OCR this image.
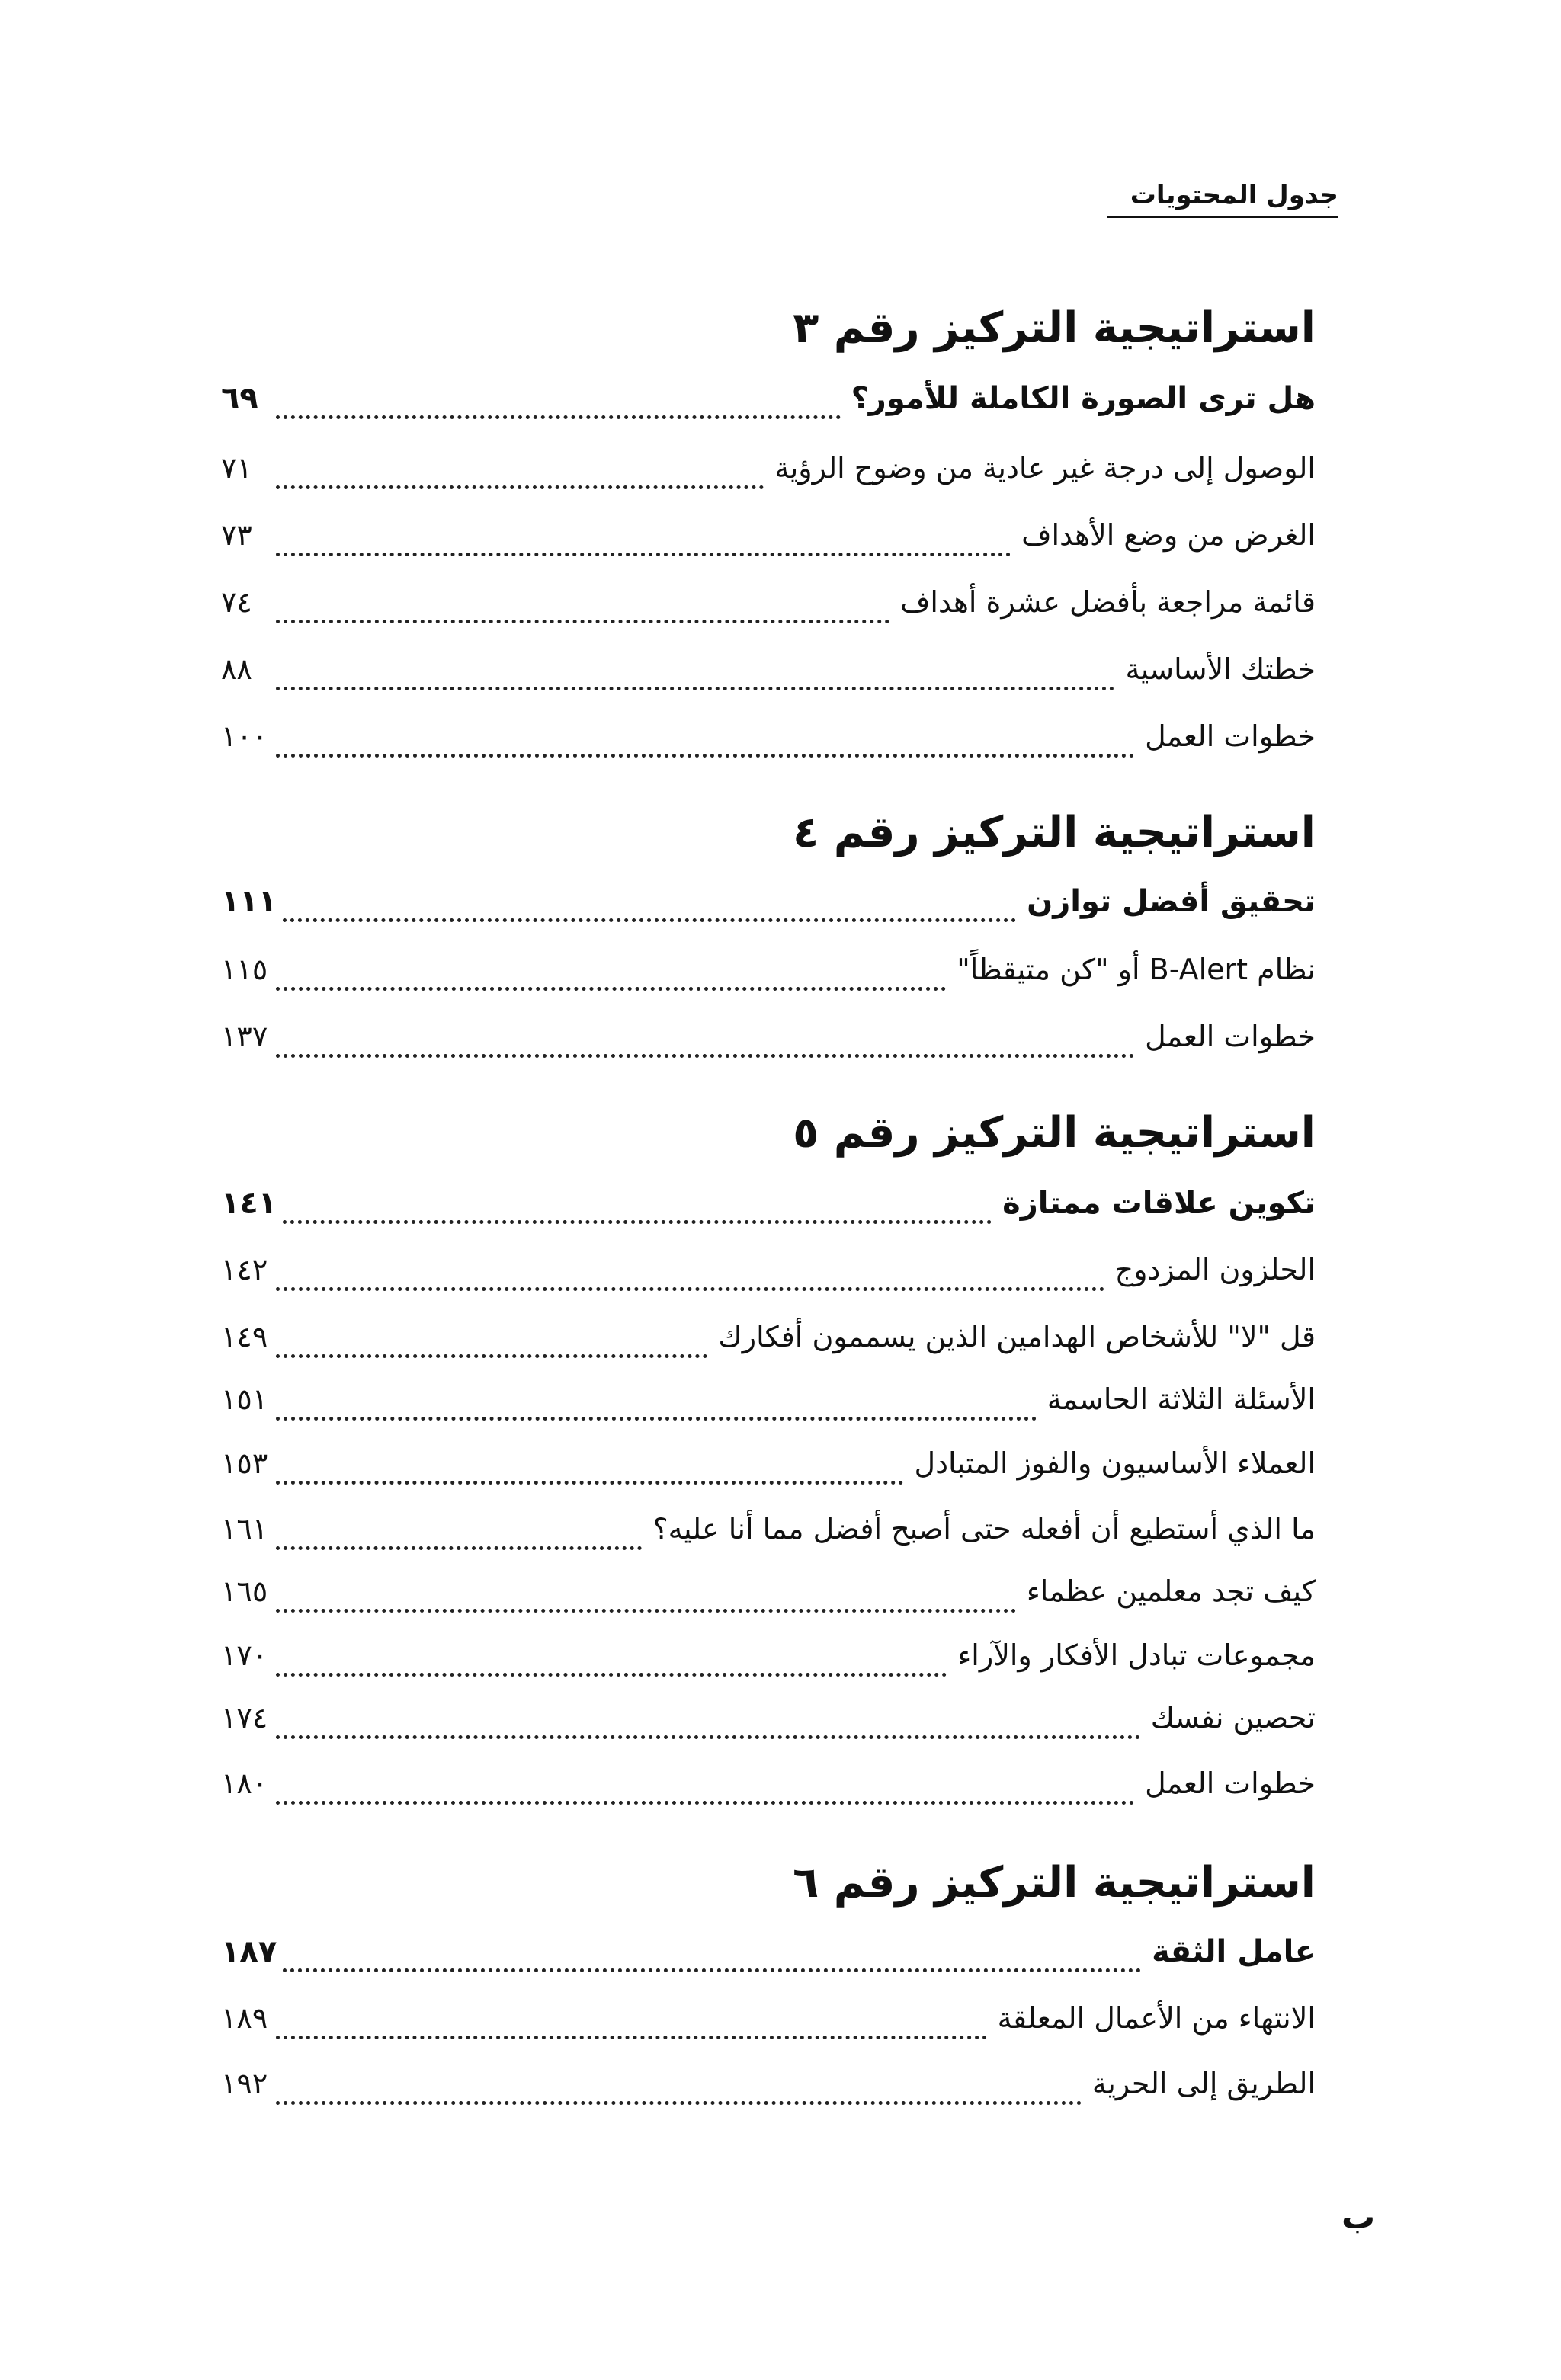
جدول المحتويات
استراتيجية التركيز رقم ٣
هل ترى الصورة الكاملة للأمور؟
٦٩
الوصول إلى درجة غير عادية من وضوح الرؤية
٧١
الغرض من وضع الأهداف
٧٣
قائمة مراجعة بأفضل عشرة أهداف
٧٤
خطتك الأساسية
٨٨
خطوات العمل
١٠٠
استراتيجية التركيز رقم ٤
تحقيق أفضل توازن
١١١
نظام B-Alert أو "كن متيقظاً"
١١٥
خطوات العمل
١٣٧
استراتيجية التركيز رقم ٥
تكوين علاقات ممتازة
١٤١
الحلزون المزدوج
١٤٢
قل "لا" للأشخاص الهدامين الذين يسممون أفكارك
١٤٩
الأسئلة الثلاثة الحاسمة
١٥١
العملاء الأساسيون والفوز المتبادل
١٥٣
ما الذي أستطيع أن أفعله حتى أصبح أفضل مما أنا عليه؟
١٦١
كيف تجد معلمين عظماء
١٦٥
مجموعات تبادل الأفكار والآراء
١٧٠
تحصين نفسك
١٧٤
خطوات العمل
١٨٠
استراتيجية التركيز رقم ٦
عامل الثقة
١٨٧
الانتهاء من الأعمال المعلقة
١٨٩
الطريق إلى الحرية
١٩٢
ب
